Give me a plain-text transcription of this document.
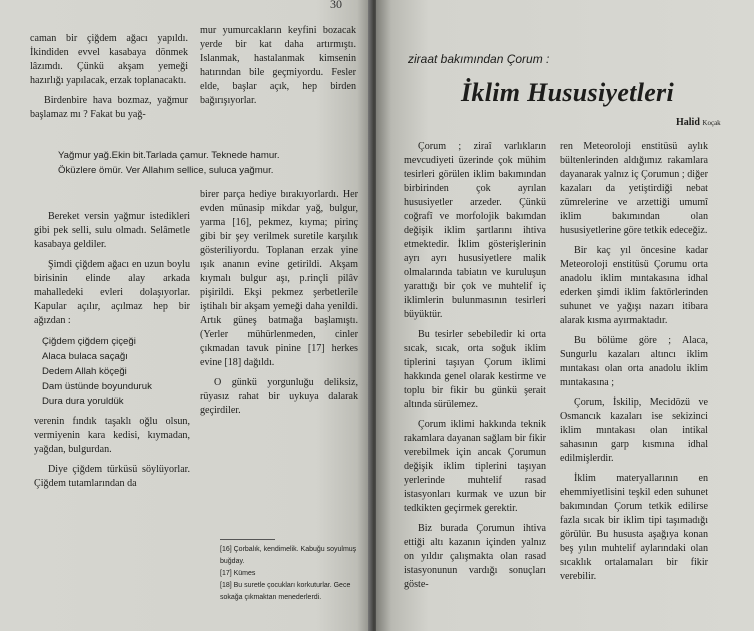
30

caman bir çiğdem ağacı yapıldı. İkindiden evvel kasabaya dönmek lâzımdı. Çünkü akşam yemeği hazırlığı yapılacak, erzak toplanacaktı.

Birdenbire hava bozmaz, yağmur başlamaz mı ? Fakat bu yağ-

mur yumurcakların keyfini bozacak yerde bir kat daha artırmıştı. Islanmak, hastalanmak kimsenin hatırından bile geçmiyordu. Fesler elde, başlar açık, hep birden bağırışıyorlar.

Yağmur yağ.Ekin bit.Tarlada çamur. Teknede hamur.
Öküzlere ömür. Ver Allahım sellice, suluca yağmur.

Bereket versin yağmur istedikleri gibi pek selli, sulu olmadı. Selâmetle kasabaya geldiler.

Şimdi çiğdem ağacı en uzun boylu birisinin elinde alay arkada mahalledeki evleri dolaşıyorlar. Kapular açılır, açılmaz hep bir ağızdan :

Çiğdem çiğdem çiçeği
Alaca bulaca saçağı
Dedem Allah köçeği
Dam üstünde boyunduruk
Dura dura yoruldük

verenin fındık taşaklı oğlu olsun, vermiyenin kara kedisi, kıymadan, yağdan, bulgurdan.

Diye çiğdem türküsü söylüyorlar. Çiğdem tutamlarından da

birer parça hediye bırakıyorlardı. Her evden münasip mikdar yağ, bulgur, yarma [16], pekmez, kıyma; pirinç gibi bir şey verilmek suretile karşılık gösteriliyordu. Toplanan erzak yine ışık ananın evine getirildi. Akşam kıymalı bulgur aşı, p.rinçli pilâv pişirildi. Ekşi pekmez şerbetlerile iştihalı bir akşam yemeği daha yenildi. Artık güneş batmağa başlamıştı. (Yerler mühürlenmeden, cinler çıkmadan tavuk pinine [17] herkes evine [18] dağıldı.

O günkü yorgunluğu deliksiz, rüyasız rahat bir uykuya dalarak geçirdiler.

[16] Çorbalık, kendimelik. Kabuğu soyulmuş buğday.
[17] Kümes
[18] Bu suretle çocukları korkuturlar. Gece sokağa çıkmaktan menederlerdi.
ziraat bakımından Çorum :
İklim Hususiyetleri
Halid Koçak

Çorum ; ziraî varlıkların mevcudiyeti üzerinde çok mühim tesirleri görülen iklim bakımından birbirinden çok ayrılan hususiyetler arzeder. Çünkü coğrafî ve morfolojik bakımdan değişik iklim şartlarını ihtiva etmektedir. İklim gösterişlerinin ayrı ayrı hususiyetlere malik olmalarında tabiatın ve kuruluşun yarattığı bir çok ve muhtelif iç iklimlerin bulunmasının tesirleri büyüktür.

Bu tesirler sebebiledir ki orta sıcak, sıcak, orta soğuk iklim tiplerini taşıyan Çorum iklimi hakkında genel olarak kestirme ve toplu bir fikir bu günkü şerait altında sürülemez.

Çorum iklimi hakkında teknik rakamlara dayanan sağlam bir fikir verebilmek için ancak Çorumun değişik iklim tiplerini taşıyan yerlerinde muhtelif rasad istasyonları kurmak ve uzun bir tedkikten geçirmek gerektir.

Biz burada Çorumun ihtiva ettiği altı kazanın içinden yalnız on yıldır çalışmakta olan rasad istasyonunun vardığı sonuçları göste-

ren Meteoroloji enstitüsü aylık bültenlerinden aldığımız rakamlara dayanarak yalnız iç Çorumun ; diğer kazaları da yetiştirdiği nebat zümrelerine ve arzettiği umumî iklim bakımından olan hususiyetlerine göre tetkik edeceğiz.

Bir kaç yıl öncesine kadar Meteoroloji enstitüsü Çorumu orta anadolu iklim mıntakasına idhal ederken şimdi iklim faktörlerinden suhunet ve yağışı nazarı itibara alarak kısma ayırmaktadır.

Bu bölüme göre ; Alaca, Sungurlu kazaları altıncı iklim mıntakası olan orta anadolu iklim mıntakasına ;

Çorum, İskilip, Mecidözü ve Osmancık kazaları ise sekizinci iklim mıntakası olan intikal sahasının garp kısmına idhal edilmişlerdir.

İklim materyallarının en ehemmiyetlisini teşkil eden suhunet bakımından Çorum tetkik edilirse fazla sıcak bir iklim tipi taşımadığı görülür. Bu hususta aşağıya konan beş yılın muhtelif aylarındaki olan sıcaklık ortalamaları bir fikir verebilir.
